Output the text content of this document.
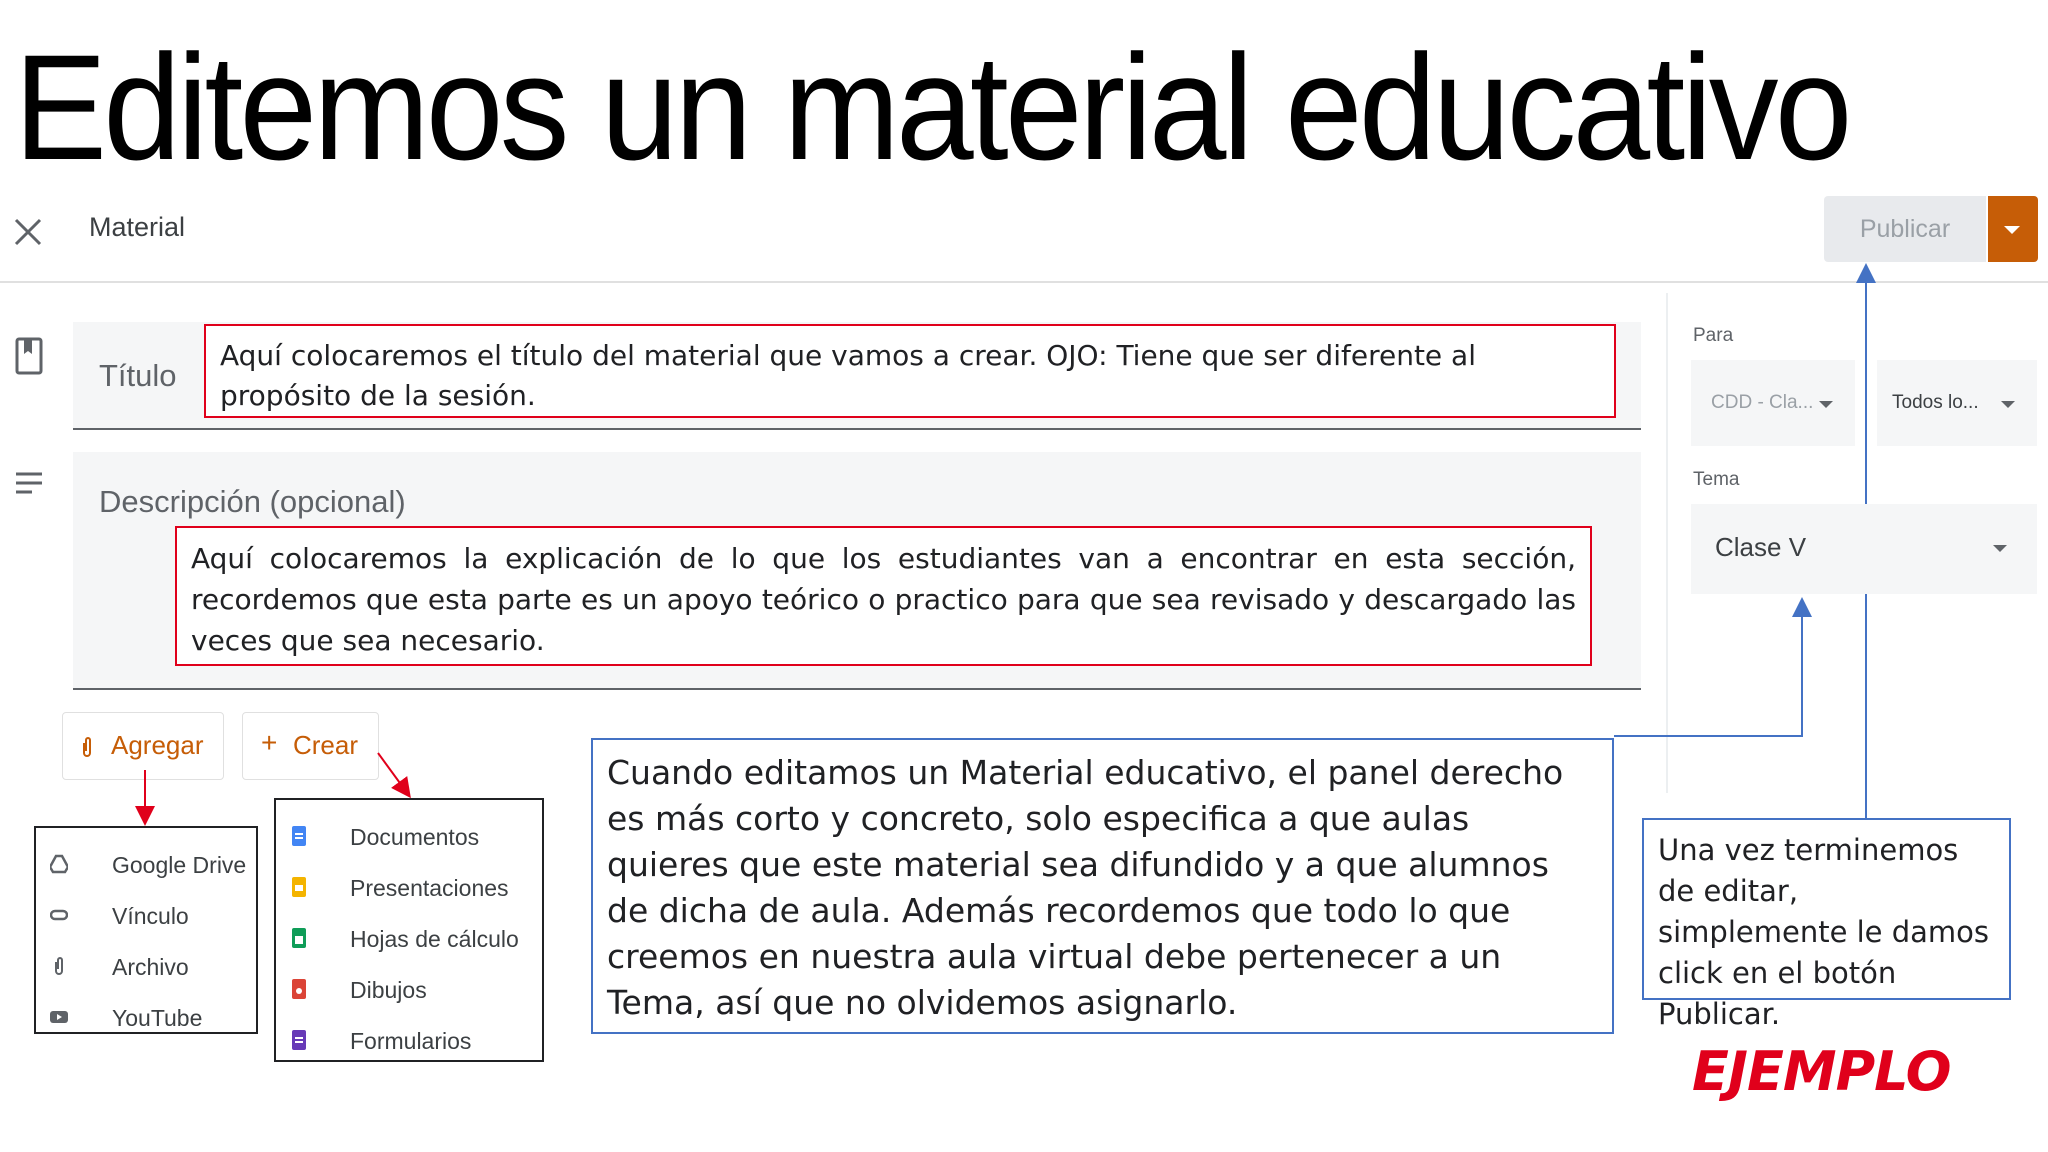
Editemos un material educativo
Material	Publicar
Título
Descripción (opcional)
Aquí colocaremos el título del material que vamos a crear. OJO: Tiene que ser diferente al propósito de la sesión.
Aquí colocaremos la explicación de lo que los estudiantes van a encontrar en esta sección, recordemos que esta parte es un apoyo teórico o practico para que sea revisado y descargado las veces que sea necesario.
Agregar + Crear
Google Drive
Vínculo
Archivo
YouTube
Documentos
Presentaciones
Hojas de cálculo
Dibujos
Formularios
Para
CDD - Cla...	Todos lo...
Tema
Clase V
Cuando editamos un Material educativo, el panel derecho es más corto y concreto, solo especifica a que aulas quieres que este material sea difundido y a que alumnos de dicha de aula. Además recordemos que todo lo que creemos en nuestra aula virtual debe pertenecer a un Tema, así que no olvidemos asignarlo.
Una vez terminemos de editar, simplemente le damos click en el botón Publicar.
EJEMPLO
